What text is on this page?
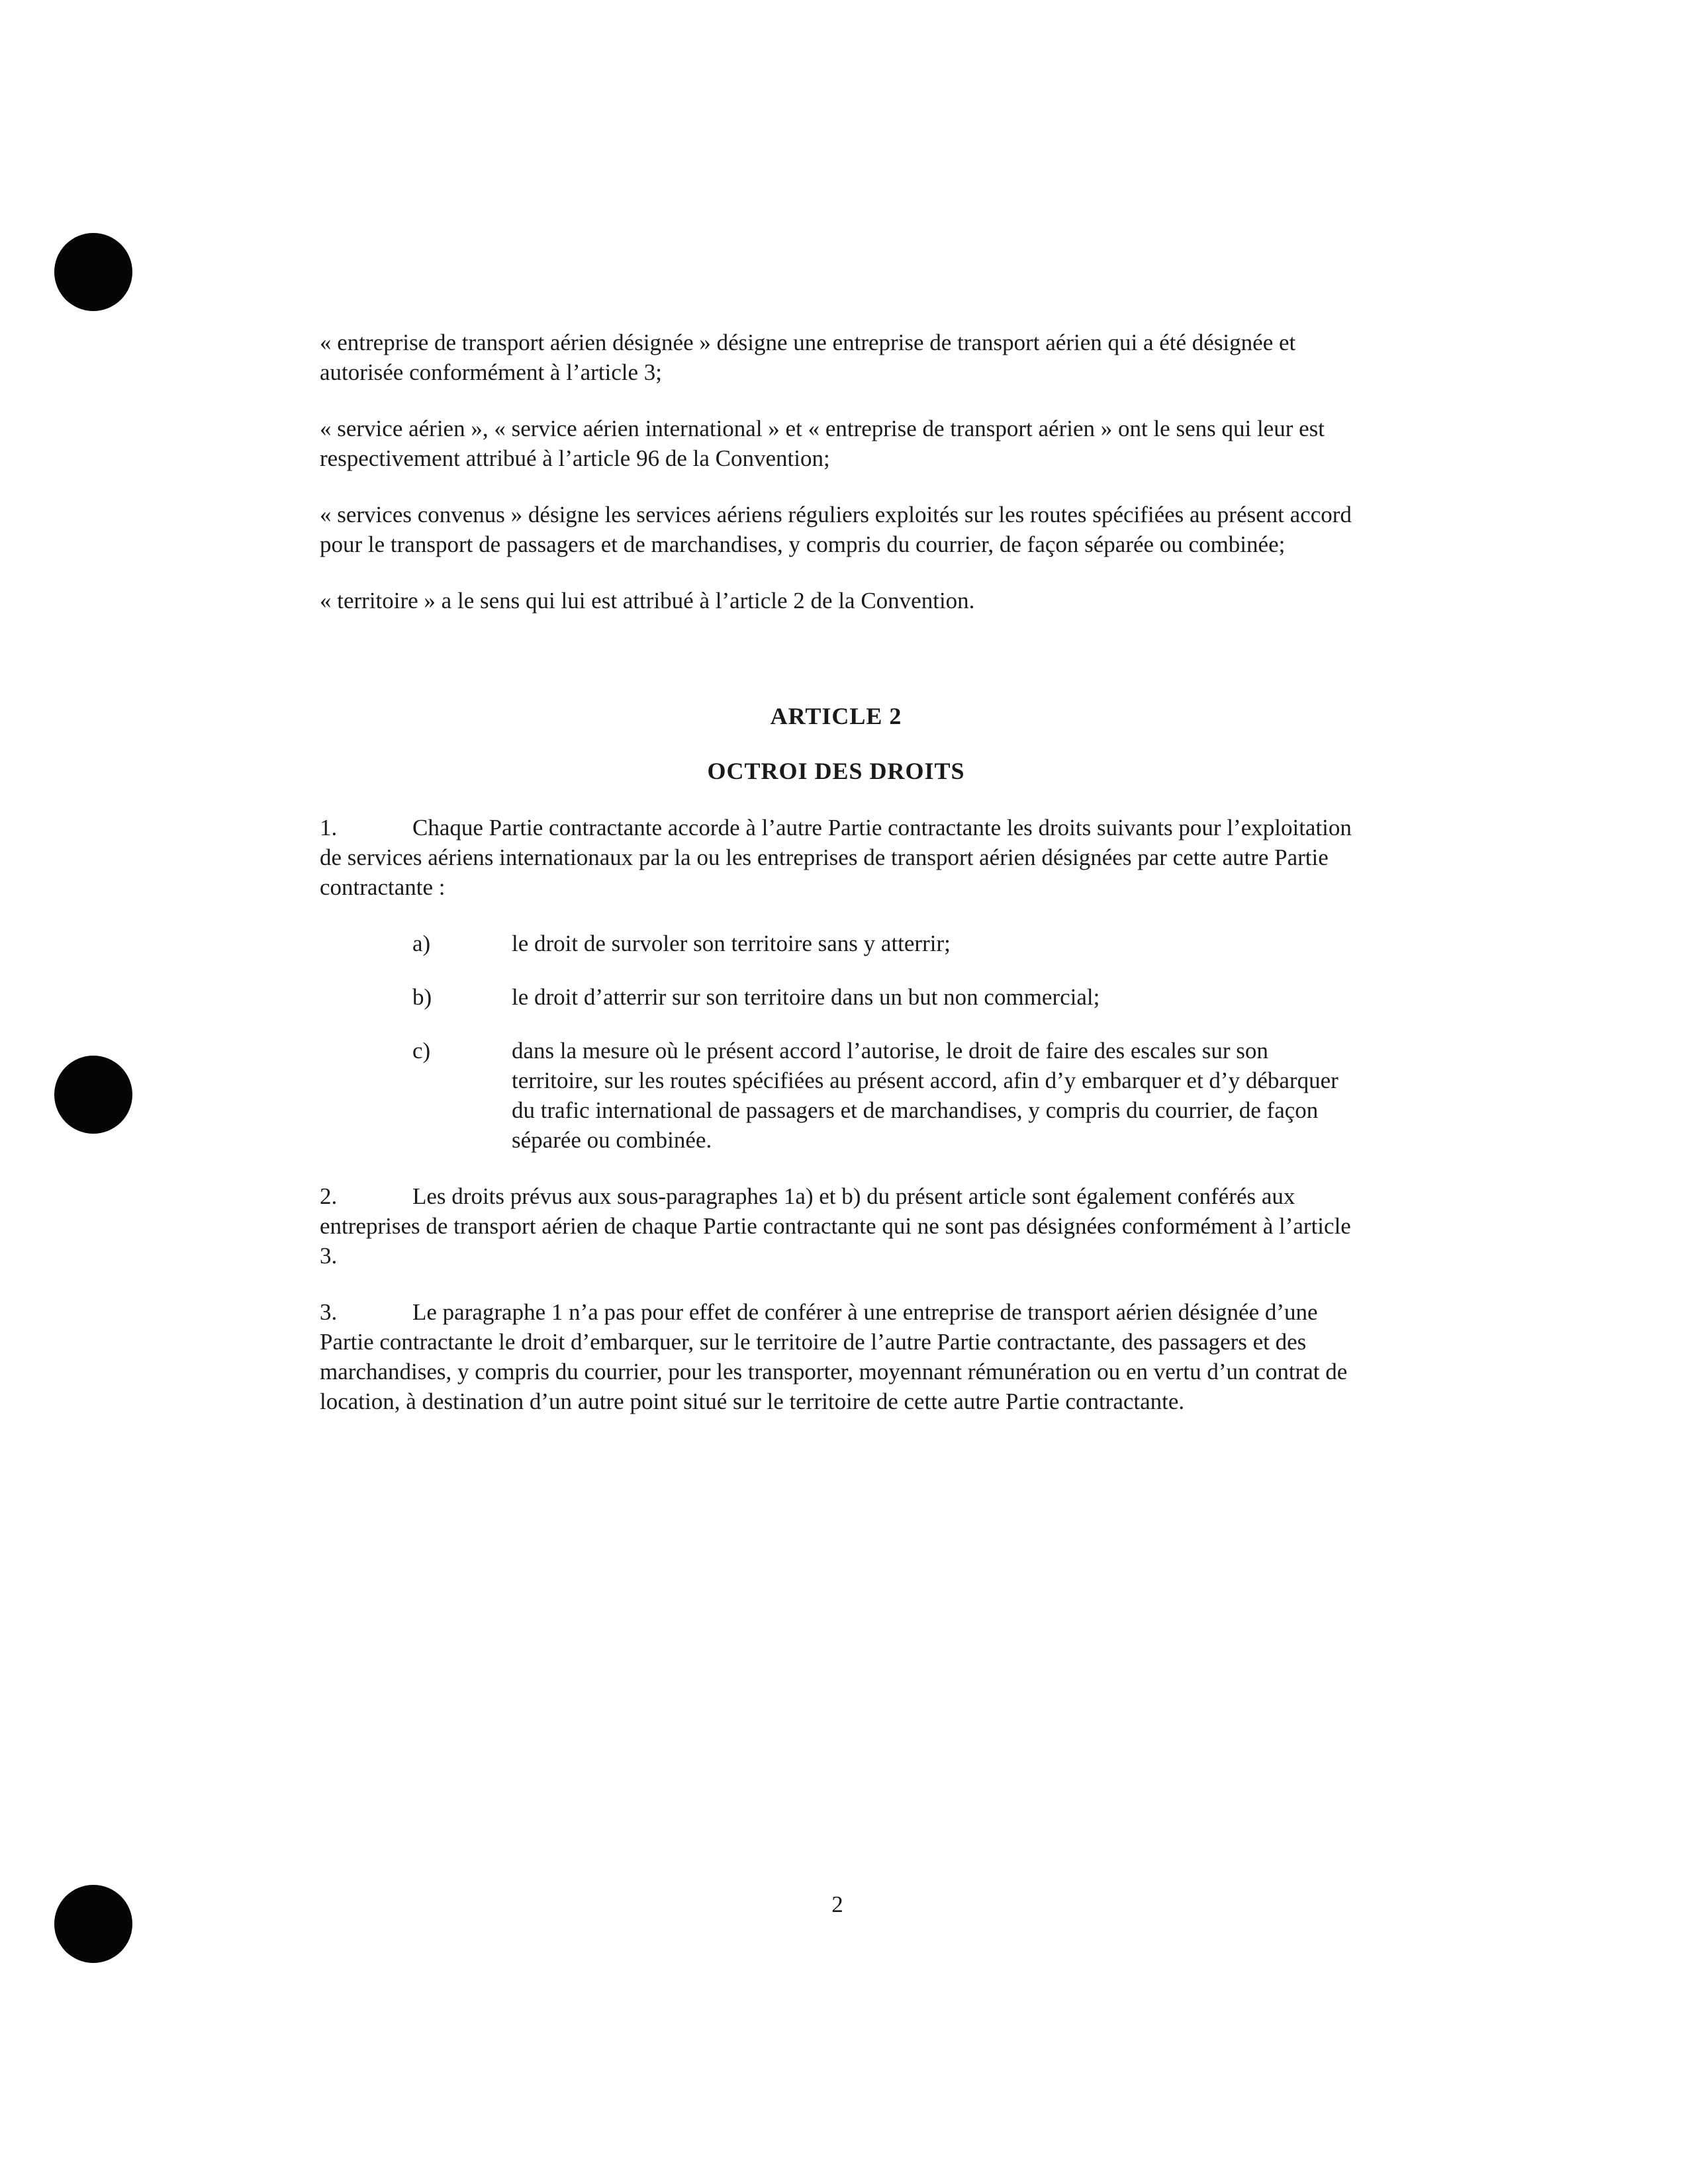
« entreprise de transport aérien désignée » désigne une entreprise de transport aérien qui a été désignée et autorisée conformément à l’article 3;

« service aérien », « service aérien international » et « entreprise de transport aérien » ont le sens qui leur est respectivement attribué à l’article 96 de la Convention;

« services convenus » désigne les services aériens réguliers exploités sur les routes spécifiées au présent accord pour le transport de passagers et de marchandises, y compris du courrier, de façon séparée ou combinée;

« territoire » a le sens qui lui est attribué à l’article 2 de la Convention.

ARTICLE 2

OCTROI DES DROITS

1.	Chaque Partie contractante accorde à l’autre Partie contractante les droits suivants pour l’exploitation de services aériens internationaux par la ou les entreprises de transport aérien désignées par cette autre Partie contractante :

a)	le droit de survoler son territoire sans y atterrir;
b)	le droit d’atterrir sur son territoire dans un but non commercial;
c)	dans la mesure où le présent accord l’autorise, le droit de faire des escales sur son territoire, sur les routes spécifiées au présent accord, afin d’y embarquer et d’y débarquer du trafic international de passagers et de marchandises, y compris du courrier, de façon séparée ou combinée.

2.	Les droits prévus aux sous-paragraphes 1a) et b) du présent article sont également conférés aux entreprises de transport aérien de chaque Partie contractante qui ne sont pas désignées conformément à l’article 3.

3.	Le paragraphe 1 n’a pas pour effet de conférer à une entreprise de transport aérien désignée d’une Partie contractante le droit d’embarquer, sur le territoire de l’autre Partie contractante, des passagers et des marchandises, y compris du courrier, pour les transporter, moyennant rémunération ou en vertu d’un contrat de location, à destination d’un autre point situé sur le territoire de cette autre Partie contractante.

2
